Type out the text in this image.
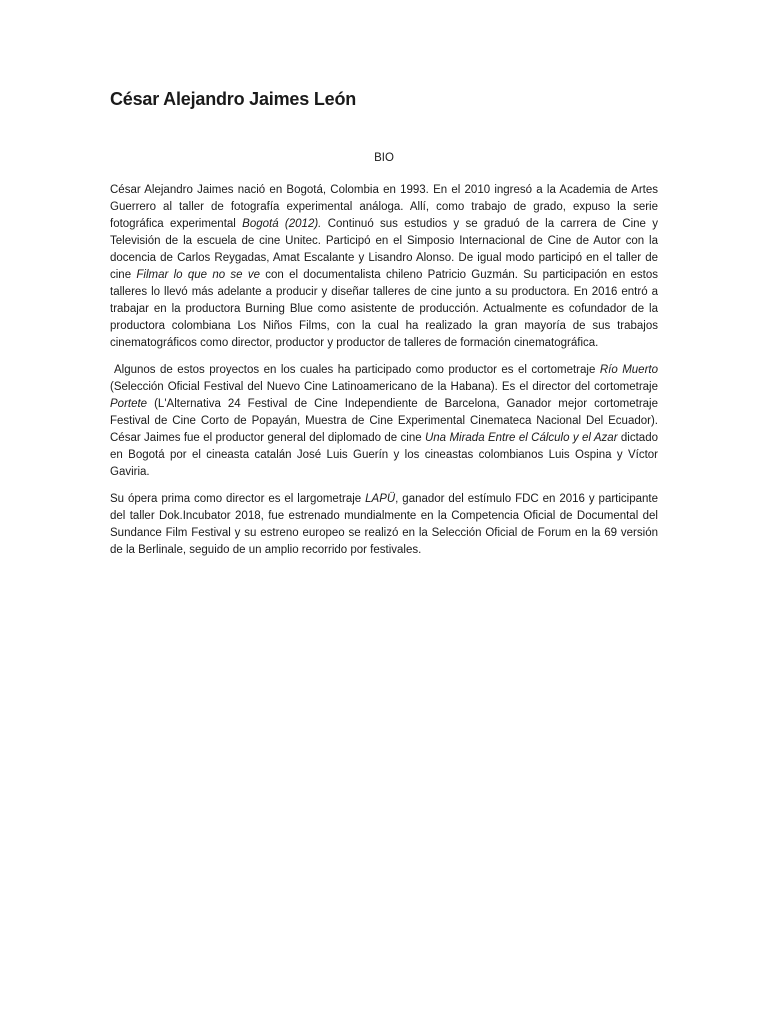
César Alejandro Jaimes León
BIO

César Alejandro Jaimes nació en Bogotá, Colombia en 1993. En el 2010 ingresó a la Academia de Artes Guerrero al taller de fotografía experimental análoga. Allí, como trabajo de grado, expuso la serie fotográfica experimental Bogotá (2012). Continuó sus estudios y se graduó de la carrera de Cine y Televisión de la escuela de cine Unitec. Participó en el Simposio Internacional de Cine de Autor con la docencia de Carlos Reygadas, Amat Escalante y Lisandro Alonso. De igual modo participó en el taller de cine Filmar lo que no se ve con el documentalista chileno Patricio Guzmán. Su participación en estos talleres lo llevó más adelante a producir y diseñar talleres de cine junto a su productora. En 2016 entró a trabajar en la productora Burning Blue como asistente de producción. Actualmente es cofundador de la productora colombiana Los Niños Films, con la cual ha realizado la gran mayoría de sus trabajos cinematográficos como director, productor y productor de talleres de formación cinematográfica.

Algunos de estos proyectos en los cuales ha participado como productor es el cortometraje Río Muerto (Selección Oficial Festival del Nuevo Cine Latinoamericano de la Habana). Es el director del cortometraje Portete (L'Alternativa 24 Festival de Cine Independiente de Barcelona, Ganador mejor cortometraje Festival de Cine Corto de Popayán, Muestra de Cine Experimental Cinemateca Nacional Del Ecuador). César Jaimes fue el productor general del diplomado de cine Una Mirada Entre el Cálculo y el Azar dictado en Bogotá por el cineasta catalán José Luis Guerín y los cineastas colombianos Luis Ospina y Víctor Gaviria.

Su ópera prima como director es el largometraje LAPÜ, ganador del estímulo FDC en 2016 y participante del taller Dok.Incubator 2018, fue estrenado mundialmente en la Competencia Oficial de Documental del Sundance Film Festival y su estreno europeo se realizó en la Selección Oficial de Forum en la 69 versión de la Berlinale, seguido de un amplio recorrido por festivales.
